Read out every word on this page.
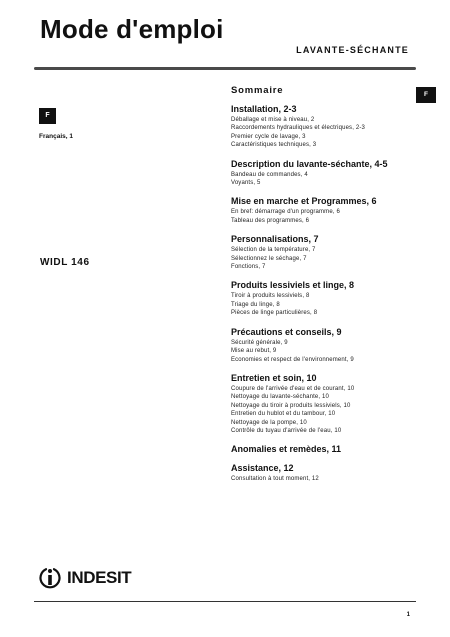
Mode d'emploi
LAVANTE-SÉCHANTE
F
Français, 1
F
WIDL 146
Sommaire
Installation, 2-3
Déballage et mise à niveau, 2
Raccordements hydrauliques et électriques, 2-3
Premier cycle de lavage, 3
Caractéristiques techniques, 3
Description du lavante-séchante, 4-5
Bandeau de commandes, 4
Voyants, 5
Mise en marche et Programmes, 6
En bref: démarrage d'un programme, 6
Tableau des programmes, 6
Personnalisations, 7
Sélection de la température, 7
Sélectionnez le séchage, 7
Fonctions, 7
Produits lessiviels et linge, 8
Tiroir à produits lessiviels, 8
Triage du linge, 8
Pièces de linge particulières, 8
Précautions et conseils, 9
Sécurité générale, 9
Mise au rebut, 9
Economies et respect de l'environnement, 9
Entretien et soin, 10
Coupure de l'arrivée d'eau et de courant, 10
Nettoyage du lavante-séchante, 10
Nettoyage du tiroir à produits lessiviels, 10
Entretien du hublot et du tambour, 10
Nettoyage de la pompe, 10
Contrôle du tuyau d'arrivée de l'eau, 10
Anomalies et remèdes, 11
Assistance, 12
Consultation à tout moment, 12
INDESIT
1
